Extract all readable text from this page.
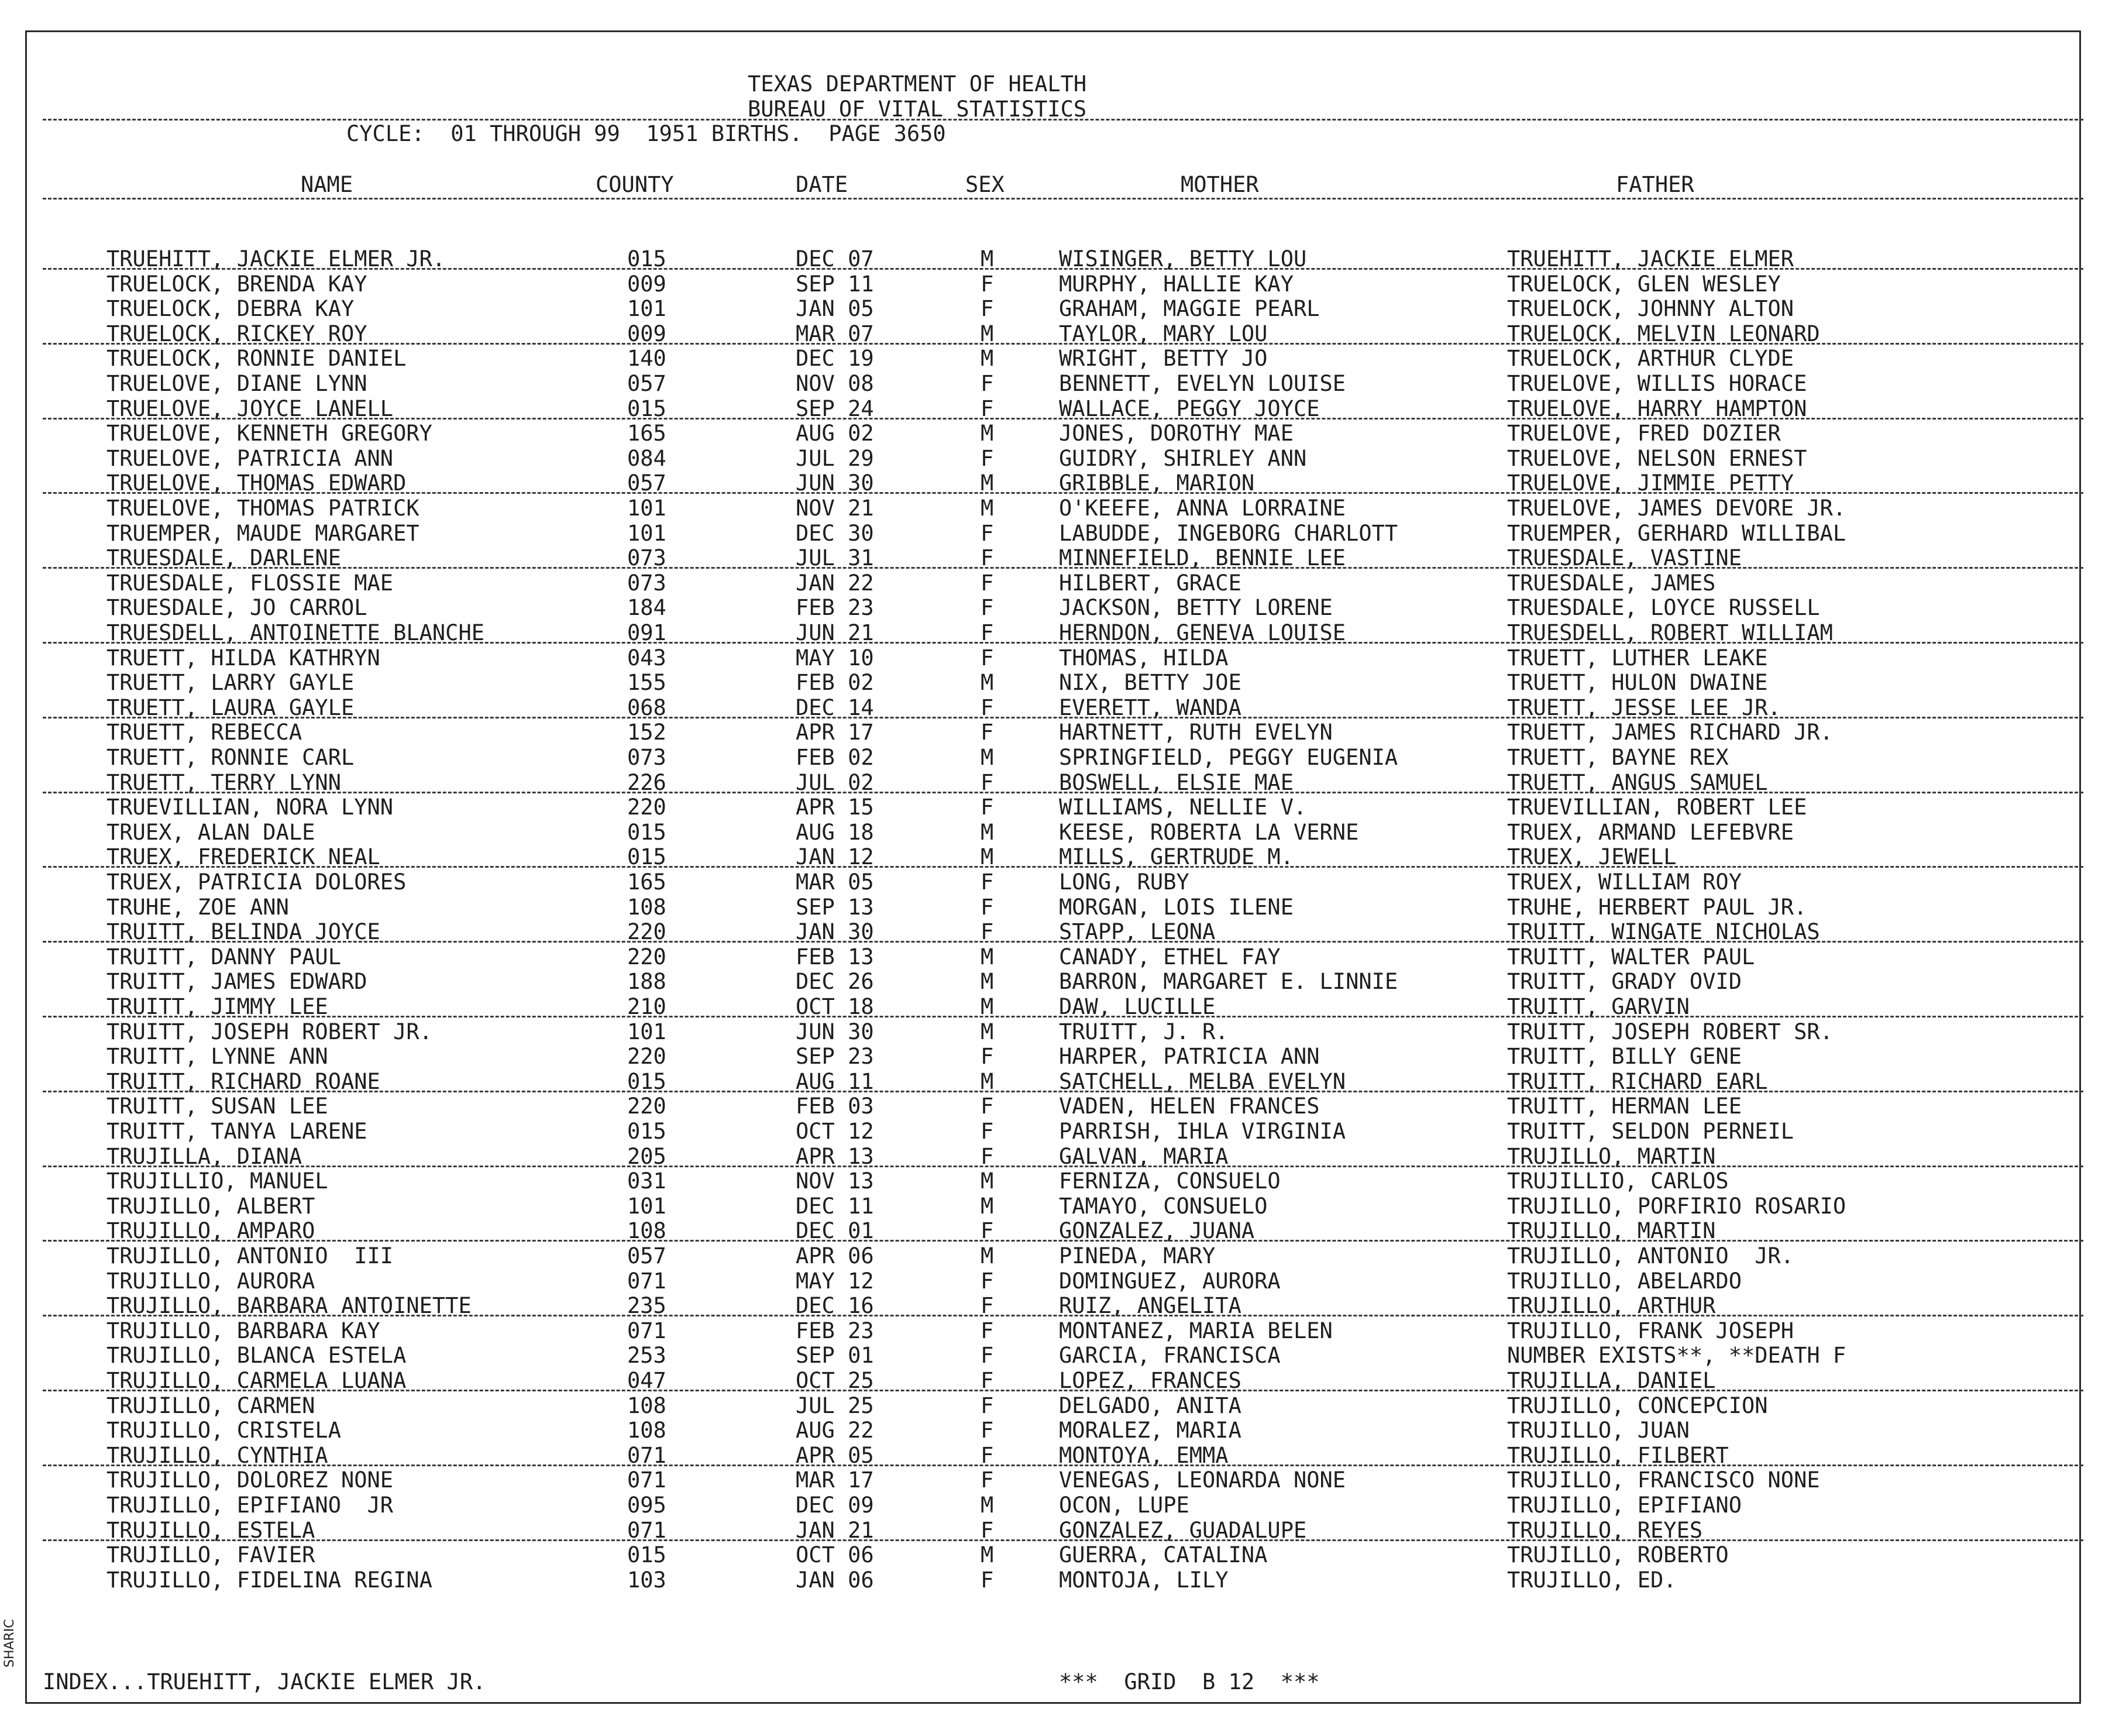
TEXAS DEPARTMENT OF HEALTH
BUREAU OF VITAL STATISTICS
CYCLE:  01 THROUGH 99  1951 BIRTHS.  PAGE 3650
NAME	COUNTY	DATE	SEX	MOTHER	FATHER
TRUEHITT, JACKIE ELMER JR.	015	DEC 07	M	WISINGER, BETTY LOU	TRUEHITT, JACKIE ELMER
TRUELOCK, BRENDA KAY	009	SEP 11	F	MURPHY, HALLIE KAY	TRUELOCK, GLEN WESLEY
TRUELOCK, DEBRA KAY	101	JAN 05	F	GRAHAM, MAGGIE PEARL	TRUELOCK, JOHNNY ALTON
TRUELOCK, RICKEY ROY	009	MAR 07	M	TAYLOR, MARY LOU	TRUELOCK, MELVIN LEONARD
TRUELOCK, RONNIE DANIEL	140	DEC 19	M	WRIGHT, BETTY JO	TRUELOCK, ARTHUR CLYDE
TRUELOVE, DIANE LYNN	057	NOV 08	F	BENNETT, EVELYN LOUISE	TRUELOVE, WILLIS HORACE
TRUELOVE, JOYCE LANELL	015	SEP 24	F	WALLACE, PEGGY JOYCE	TRUELOVE, HARRY HAMPTON
TRUELOVE, KENNETH GREGORY	165	AUG 02	M	JONES, DOROTHY MAE	TRUELOVE, FRED DOZIER
TRUELOVE, PATRICIA ANN	084	JUL 29	F	GUIDRY, SHIRLEY ANN	TRUELOVE, NELSON ERNEST
TRUELOVE, THOMAS EDWARD	057	JUN 30	M	GRIBBLE, MARION	TRUELOVE, JIMMIE PETTY
TRUELOVE, THOMAS PATRICK	101	NOV 21	M	O'KEEFE, ANNA LORRAINE	TRUELOVE, JAMES DEVORE JR.
TRUEMPER, MAUDE MARGARET	101	DEC 30	F	LABUDDE, INGEBORG CHARLOTT	TRUEMPER, GERHARD WILLIBAL
TRUESDALE, DARLENE	073	JUL 31	F	MINNEFIELD, BENNIE LEE	TRUESDALE, VASTINE
TRUESDALE, FLOSSIE MAE	073	JAN 22	F	HILBERT, GRACE	TRUESDALE, JAMES
TRUESDALE, JO CARROL	184	FEB 23	F	JACKSON, BETTY LORENE	TRUESDALE, LOYCE RUSSELL
TRUESDELL, ANTOINETTE BLANCHE	091	JUN 21	F	HERNDON, GENEVA LOUISE	TRUESDELL, ROBERT WILLIAM
TRUETT, HILDA KATHRYN	043	MAY 10	F	THOMAS, HILDA	TRUETT, LUTHER LEAKE
TRUETT, LARRY GAYLE	155	FEB 02	M	NIX, BETTY JOE	TRUETT, HULON DWAINE
TRUETT, LAURA GAYLE	068	DEC 14	F	EVERETT, WANDA	TRUETT, JESSE LEE JR.
TRUETT, REBECCA	152	APR 17	F	HARTNETT, RUTH EVELYN	TRUETT, JAMES RICHARD JR.
TRUETT, RONNIE CARL	073	FEB 02	M	SPRINGFIELD, PEGGY EUGENIA	TRUETT, BAYNE REX
TRUETT, TERRY LYNN	226	JUL 02	F	BOSWELL, ELSIE MAE	TRUETT, ANGUS SAMUEL
TRUEVILLIAN, NORA LYNN	220	APR 15	F	WILLIAMS, NELLIE V.	TRUEVILLIAN, ROBERT LEE
TRUEX, ALAN DALE	015	AUG 18	M	KEESE, ROBERTA LA VERNE	TRUEX, ARMAND LEFEBVRE
TRUEX, FREDERICK NEAL	015	JAN 12	M	MILLS, GERTRUDE M.	TRUEX, JEWELL
TRUEX, PATRICIA DOLORES	165	MAR 05	F	LONG, RUBY	TRUEX, WILLIAM ROY
TRUHE, ZOE ANN	108	SEP 13	F	MORGAN, LOIS ILENE	TRUHE, HERBERT PAUL JR.
TRUITT, BELINDA JOYCE	220	JAN 30	F	STAPP, LEONA	TRUITT, WINGATE NICHOLAS
TRUITT, DANNY PAUL	220	FEB 13	M	CANADY, ETHEL FAY	TRUITT, WALTER PAUL
TRUITT, JAMES EDWARD	188	DEC 26	M	BARRON, MARGARET E. LINNIE	TRUITT, GRADY OVID
TRUITT, JIMMY LEE	210	OCT 18	M	DAW, LUCILLE	TRUITT, GARVIN
TRUITT, JOSEPH ROBERT JR.	101	JUN 30	M	TRUITT, J. R.	TRUITT, JOSEPH ROBERT SR.
TRUITT, LYNNE ANN	220	SEP 23	F	HARPER, PATRICIA ANN	TRUITT, BILLY GENE
TRUITT, RICHARD ROANE	015	AUG 11	M	SATCHELL, MELBA EVELYN	TRUITT, RICHARD EARL
TRUITT, SUSAN LEE	220	FEB 03	F	VADEN, HELEN FRANCES	TRUITT, HERMAN LEE
TRUITT, TANYA LARENE	015	OCT 12	F	PARRISH, IHLA VIRGINIA	TRUITT, SELDON PERNEIL
TRUJILLA, DIANA	205	APR 13	F	GALVAN, MARIA	TRUJILLO, MARTIN
TRUJILLIO, MANUEL	031	NOV 13	M	FERNIZA, CONSUELO	TRUJILLIO, CARLOS
TRUJILLO, ALBERT	101	DEC 11	M	TAMAYO, CONSUELO	TRUJILLO, PORFIRIO ROSARIO
TRUJILLO, AMPARO	108	DEC 01	F	GONZALEZ, JUANA	TRUJILLO, MARTIN
TRUJILLO, ANTONIO  III	057	APR 06	M	PINEDA, MARY	TRUJILLO, ANTONIO  JR.
TRUJILLO, AURORA	071	MAY 12	F	DOMINGUEZ, AURORA	TRUJILLO, ABELARDO
TRUJILLO, BARBARA ANTOINETTE	235	DEC 16	F	RUIZ, ANGELITA	TRUJILLO, ARTHUR
TRUJILLO, BARBARA KAY	071	FEB 23	F	MONTANEZ, MARIA BELEN	TRUJILLO, FRANK JOSEPH
TRUJILLO, BLANCA ESTELA	253	SEP 01	F	GARCIA, FRANCISCA	NUMBER EXISTS**, **DEATH F
TRUJILLO, CARMELA LUANA	047	OCT 25	F	LOPEZ, FRANCES	TRUJILLA, DANIEL
TRUJILLO, CARMEN	108	JUL 25	F	DELGADO, ANITA	TRUJILLO, CONCEPCION
TRUJILLO, CRISTELA	108	AUG 22	F	MORALEZ, MARIA	TRUJILLO, JUAN
TRUJILLO, CYNTHIA	071	APR 05	F	MONTOYA, EMMA	TRUJILLO, FILBERT
TRUJILLO, DOLOREZ NONE	071	MAR 17	F	VENEGAS, LEONARDA NONE	TRUJILLO, FRANCISCO NONE
TRUJILLO, EPIFIANO  JR	095	DEC 09	M	OCON, LUPE	TRUJILLO, EPIFIANO
TRUJILLO, ESTELA	071	JAN 21	F	GONZALEZ, GUADALUPE	TRUJILLO, REYES
TRUJILLO, FAVIER	015	OCT 06	M	GUERRA, CATALINA	TRUJILLO, ROBERTO
TRUJILLO, FIDELINA REGINA	103	JAN 06	F	MONTOJA, LILY	TRUJILLO, ED.
SHARIC
INDEX...TRUEHITT, JACKIE ELMER JR.	***  GRID  B 12  ***
